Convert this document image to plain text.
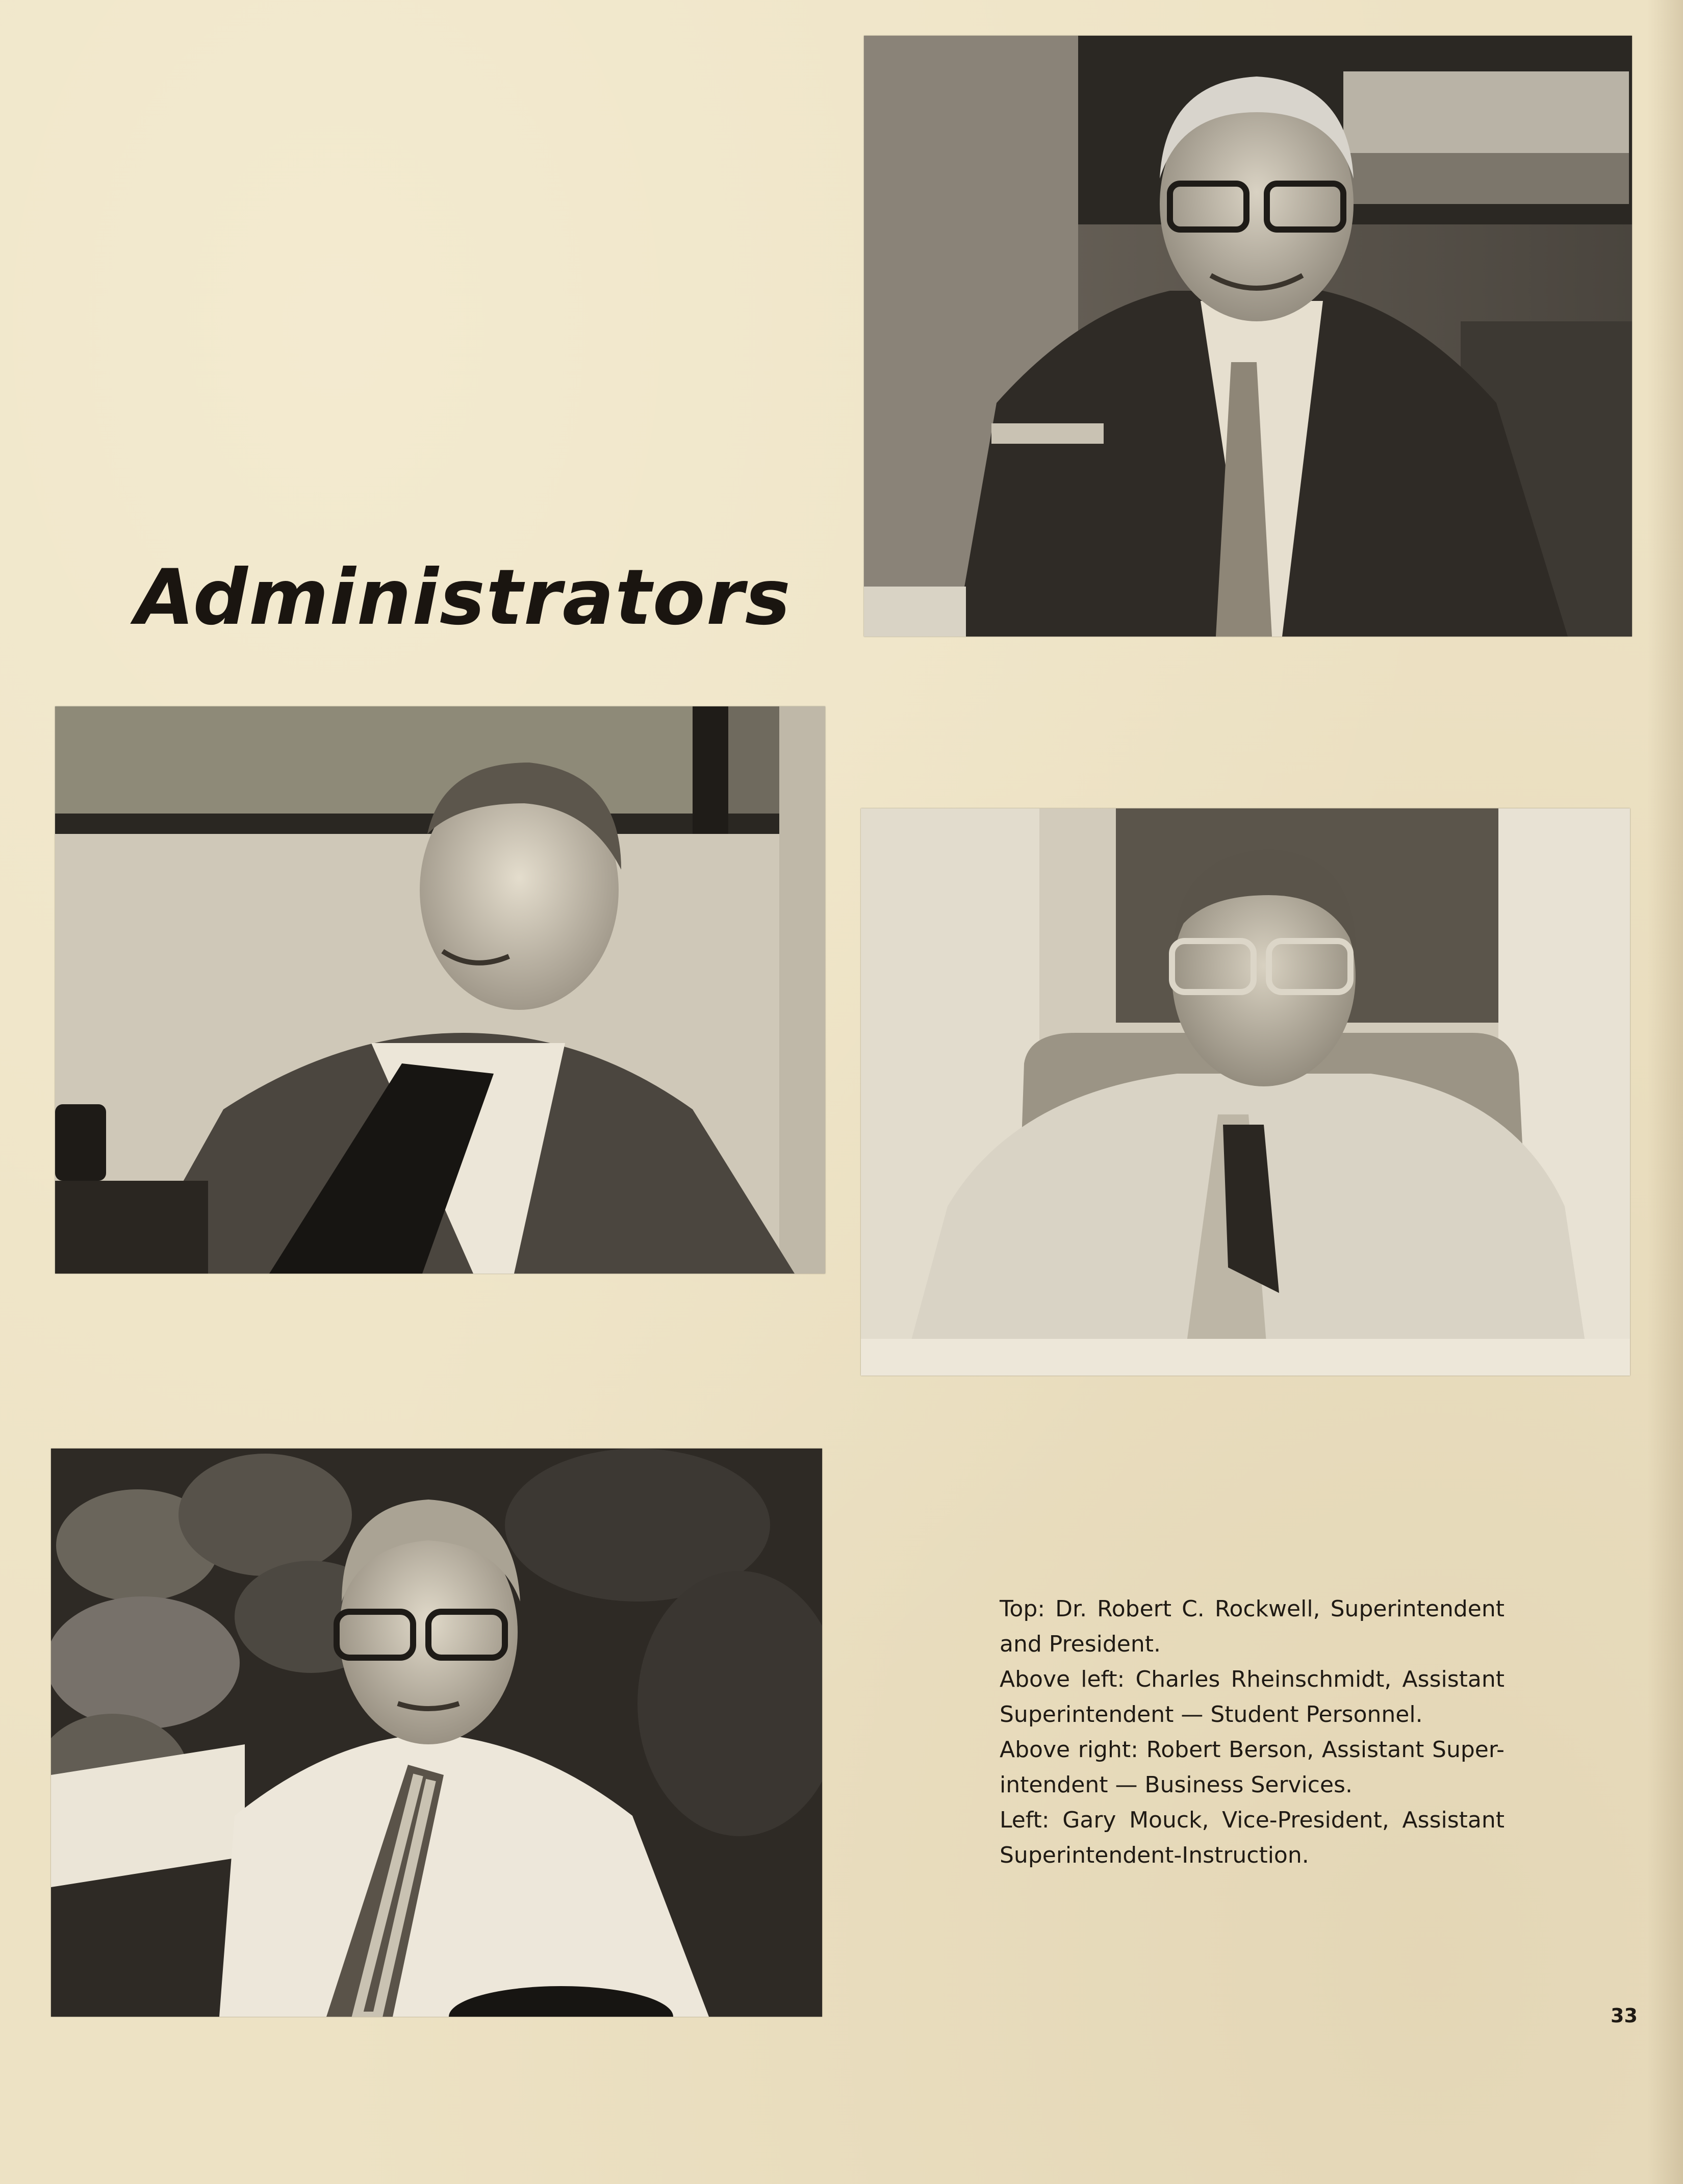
Administrators

Top: Dr. Robert C. Rockwell, Superintendent and President.

Above left: Charles Rheinschmidt, Assistant Superintendent — Student Personnel.

Above right: Robert Berson, Assistant Super-intendent — Business Services.

Left: Gary Mouck, Vice-President, Assistant Superintendent-Instruction.

33
